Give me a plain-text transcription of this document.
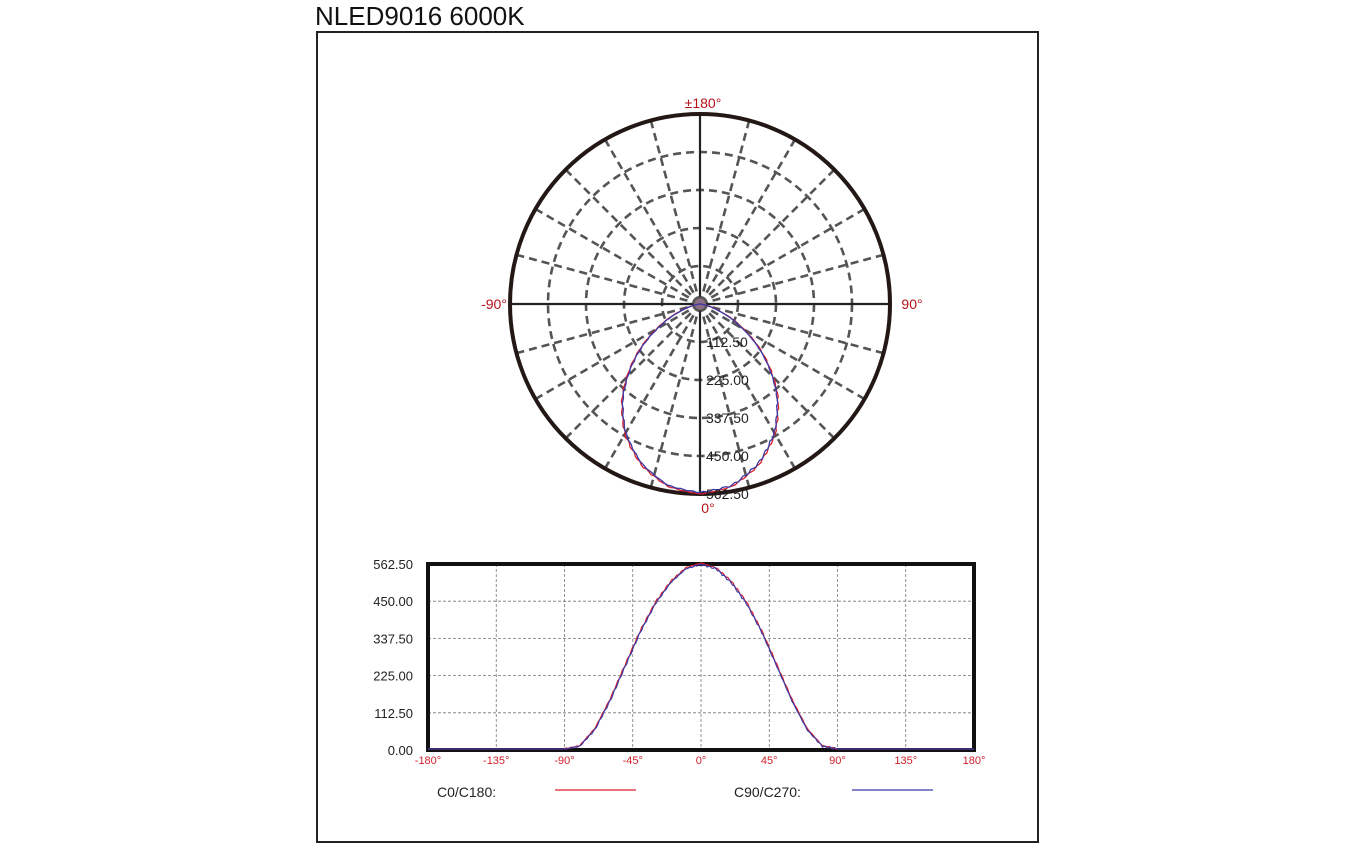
NLED9016 6000K
112.50
225.00
337.50
450.00
562.50
±180°
-90°	90°
0°
0.00
112.50
225.00
337.50
450.00
562.50
-180°	-135°	-90°	-45°	0°	45°	90°	135°	180°
C0/C180:	C90/C270:
